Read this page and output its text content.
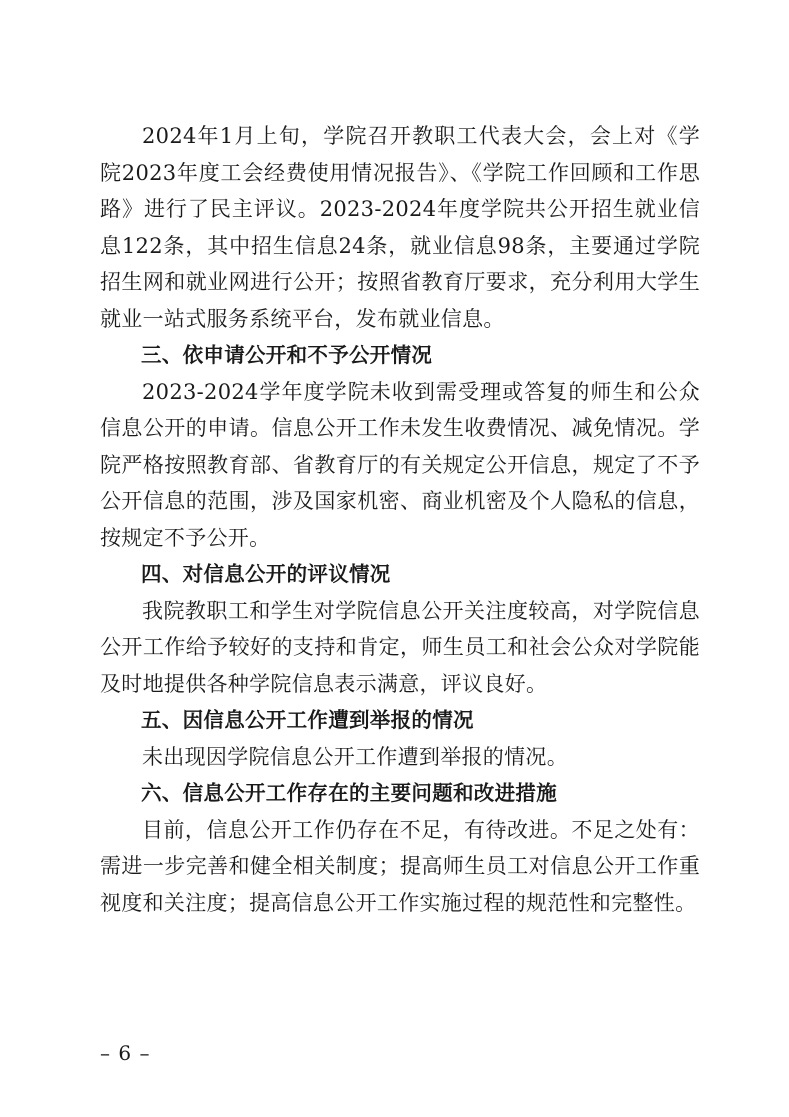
2024年1月上旬，学院召开教职工代表大会，会上对《学院2023年度工会经费使用情况报告》、《学院工作回顾和工作思路》进行了民主评议。2023-2024年度学院共公开招生就业信息122条，其中招生信息24条，就业信息98条，主要通过学院招生网和就业网进行公开；按照省教育厅要求，充分利用大学生就业一站式服务系统平台，发布就业信息。

三、依申请公开和不予公开情况

2023-2024学年度学院未收到需受理或答复的师生和公众信息公开的申请。信息公开工作未发生收费情况、减免情况。学院严格按照教育部、省教育厅的有关规定公开信息，规定了不予公开信息的范围，涉及国家机密、商业机密及个人隐私的信息，按规定不予公开。

四、对信息公开的评议情况

我院教职工和学生对学院信息公开关注度较高，对学院信息公开工作给予较好的支持和肯定，师生员工和社会公众对学院能及时地提供各种学院信息表示满意，评议良好。

五、因信息公开工作遭到举报的情况

未出现因学院信息公开工作遭到举报的情况。

六、信息公开工作存在的主要问题和改进措施

目前，信息公开工作仍存在不足，有待改进。不足之处有：需进一步完善和健全相关制度；提高师生员工对信息公开工作重视度和关注度；提高信息公开工作实施过程的规范性和完整性。

– 6 –
